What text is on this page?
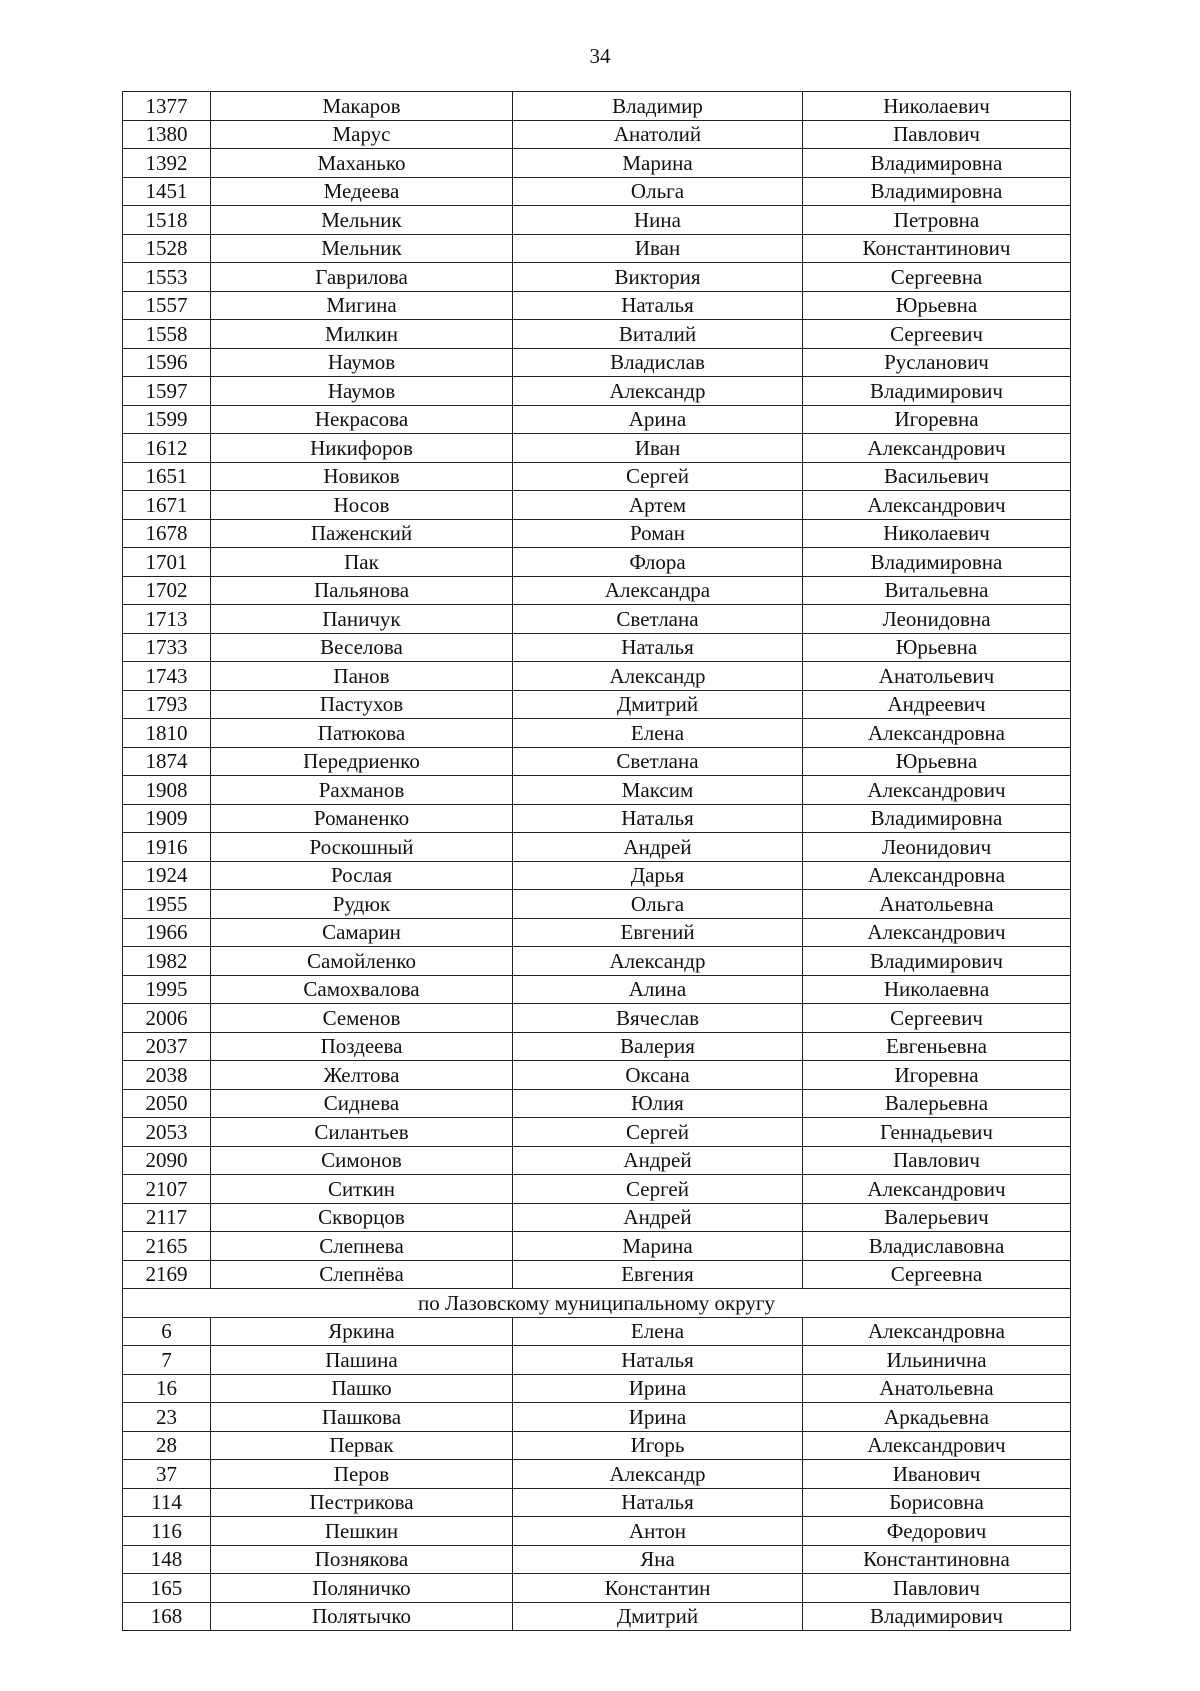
34
1377	Макаров	Владимир	Николаевич
1380	Марус	Анатолий	Павлович
1392	Маханько	Марина	Владимировна
1451	Медеева	Ольга	Владимировна
1518	Мельник	Нина	Петровна
1528	Мельник	Иван	Константинович
1553	Гаврилова	Виктория	Сергеевна
1557	Мигина	Наталья	Юрьевна
1558	Милкин	Виталий	Сергеевич
1596	Наумов	Владислав	Русланович
1597	Наумов	Александр	Владимирович
1599	Некрасова	Арина	Игоревна
1612	Никифоров	Иван	Александрович
1651	Новиков	Сергей	Васильевич
1671	Носов	Артем	Александрович
1678	Паженский	Роман	Николаевич
1701	Пак	Флора	Владимировна
1702	Пальянова	Александра	Витальевна
1713	Паничук	Светлана	Леонидовна
1733	Веселова	Наталья	Юрьевна
1743	Панов	Александр	Анатольевич
1793	Пастухов	Дмитрий	Андреевич
1810	Патюкова	Елена	Александровна
1874	Передриенко	Светлана	Юрьевна
1908	Рахманов	Максим	Александрович
1909	Романенко	Наталья	Владимировна
1916	Роскошный	Андрей	Леонидович
1924	Рослая	Дарья	Александровна
1955	Рудюк	Ольга	Анатольевна
1966	Самарин	Евгений	Александрович
1982	Самойленко	Александр	Владимирович
1995	Самохвалова	Алина	Николаевна
2006	Семенов	Вячеслав	Сергеевич
2037	Поздеева	Валерия	Евгеньевна
2038	Желтова	Оксана	Игоревна
2050	Сиднева	Юлия	Валерьевна
2053	Силантьев	Сергей	Геннадьевич
2090	Симонов	Андрей	Павлович
2107	Ситкин	Сергей	Александрович
2117	Скворцов	Андрей	Валерьевич
2165	Слепнева	Марина	Владиславовна
2169	Слепнёва	Евгения	Сергеевна
по Лазовскому муниципальному округу			
6	Яркина	Елена	Александровна
7	Пашина	Наталья	Ильинична
16	Пашко	Ирина	Анатольевна
23	Пашкова	Ирина	Аркадьевна
28	Первак	Игорь	Александрович
37	Перов	Александр	Иванович
114	Пестрикова	Наталья	Борисовна
116	Пешкин	Антон	Федорович
148	Познякова	Яна	Константиновна
165	Поляничко	Константин	Павлович
168	Полятычко	Дмитрий	Владимирович
